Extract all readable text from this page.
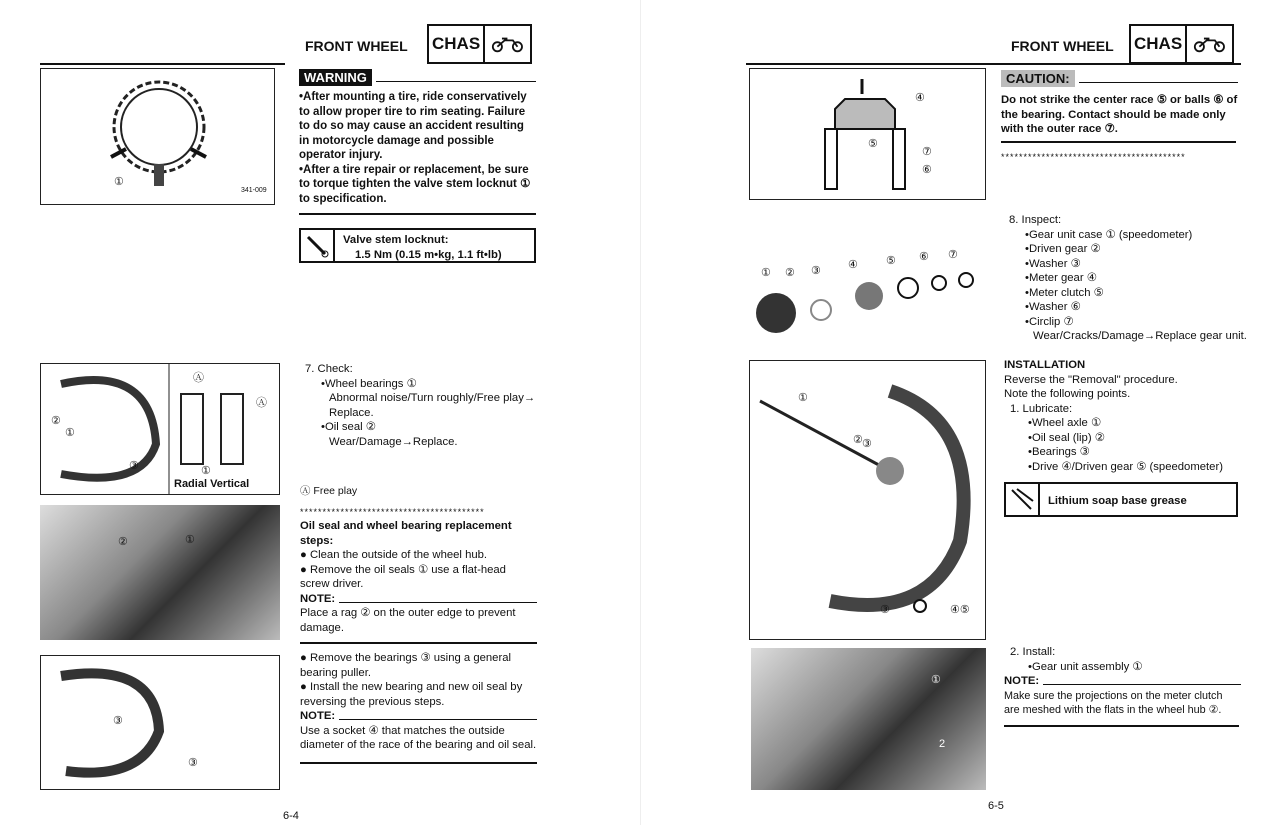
FRONT WHEEL CHAS
①
341-009
WARNING
•After mounting a tire, ride conservatively to allow proper tire to rim seating. Failure to do so may cause an accident resulting in motorcycle damage and possible operator injury.
•After a tire repair or replacement, be sure to torque tighten the valve stem locknut ① to specification.
Valve stem locknut:
1.5 Nm (0.15 m•kg, 1.1 ft•lb)
Ⓐ
Ⓐ
①
②
③
①
Radial Vertical
7. Check:
•Wheel bearings ①
Abnormal noise/Turn roughly/Free play→ Replace.
•Oil seal ②
Wear/Damage→Replace.
Ⓐ Free play
*****************************************
②	①
Oil seal and wheel bearing replacement steps:
● Clean the outside of the wheel hub.
● Remove the oil seals ① use a flat-head screw driver.
NOTE:
Place a rag ② on the outer edge to prevent damage.
③
③
● Remove the bearings ③ using a general bearing puller.
● Install the new bearing and new oil seal by reversing the previous steps.
NOTE:
Use a socket ④ that matches the outside diameter of the race of the bearing and oil seal.
6-4
FRONT WHEEL CHAS
④
⑤
⑦
⑥
CAUTION:
Do not strike the center race ⑤ or balls ⑥ of the bearing. Contact should be made only with the outer race ⑦.
*****************************************
① ② ③ ④	⑤ ⑥ ⑦
8. Inspect:
•Gear unit case ① (speedometer)
•Driven gear ②
•Washer ③
•Meter gear ④
•Meter clutch ⑤
•Washer ⑥
•Circlip ⑦
Wear/Cracks/Damage→Replace gear unit.
①
② ③
③	④⑤
INSTALLATION
Reverse the "Removal" procedure.
Note the following points.
1. Lubricate:
•Wheel axle ①
•Oil seal (lip) ②
•Bearings ③
•Drive ④/Driven gear ⑤ (speedometer)
Lithium soap base grease
①
2
2. Install:
•Gear unit assembly ①
NOTE:
Make sure the projections on the meter clutch are meshed with the flats in the wheel hub ②.
6-5
